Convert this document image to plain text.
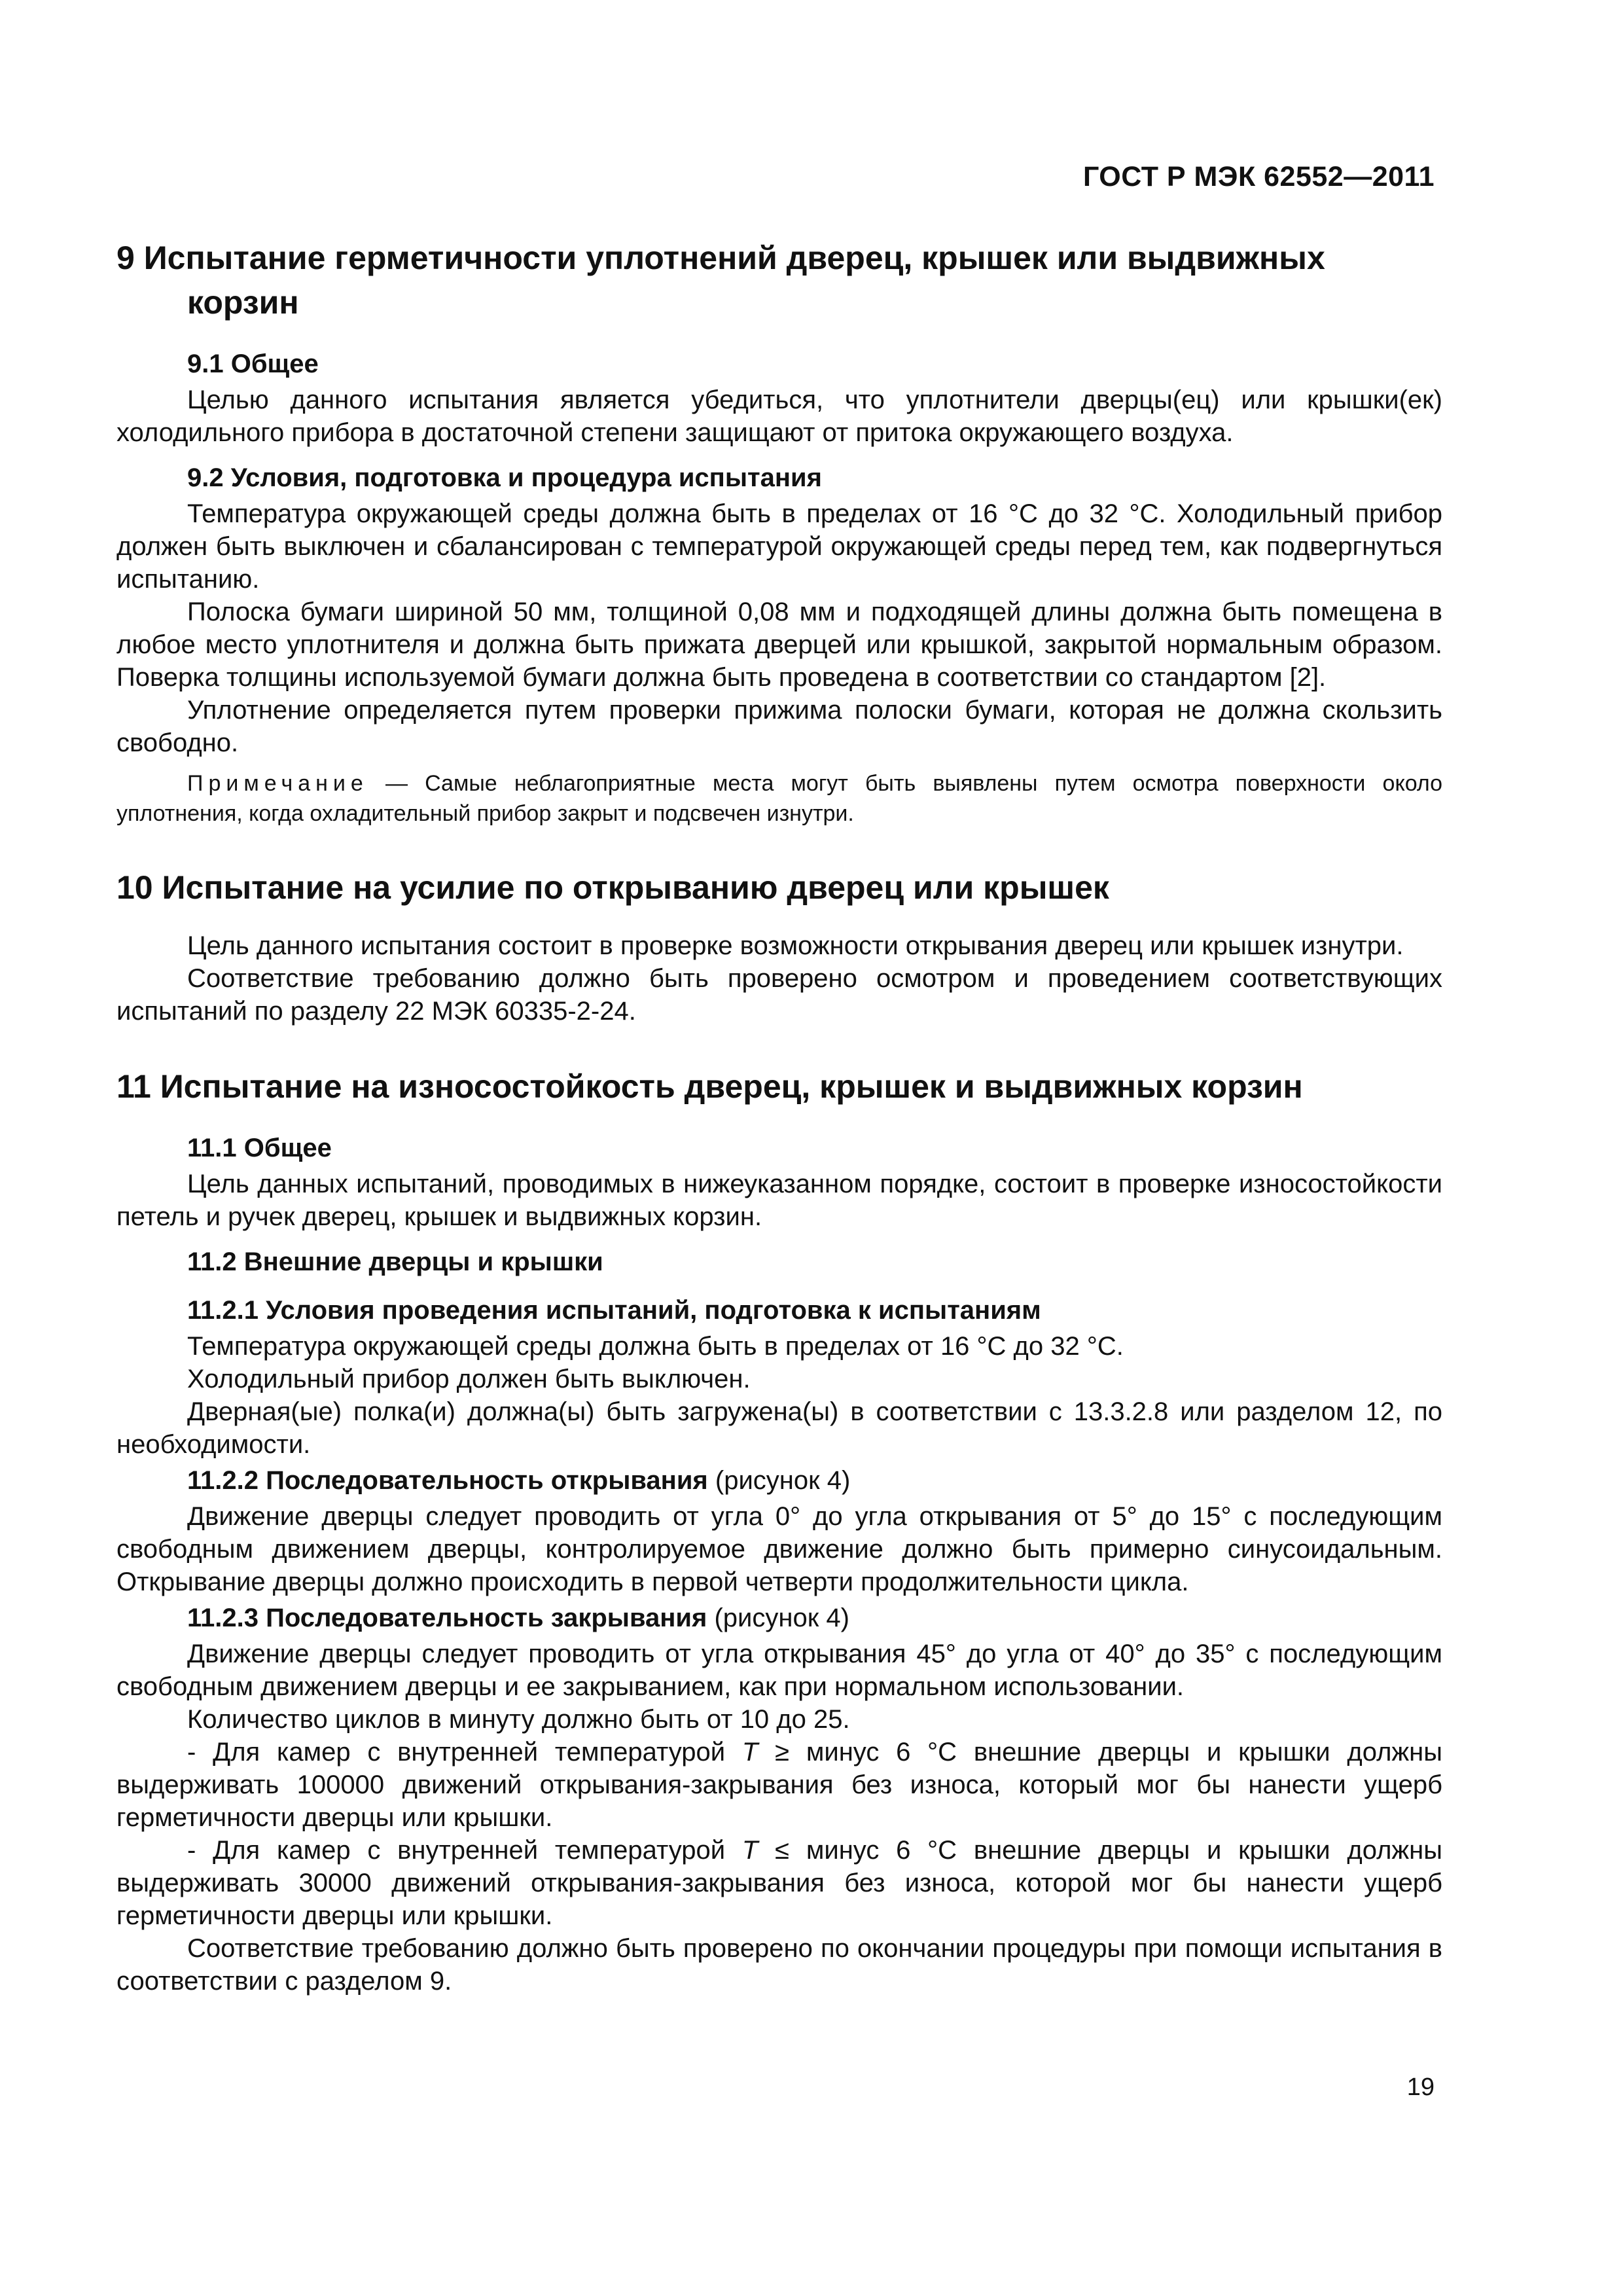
ГОСТ Р МЭК 62552—2011
9 Испытание герметичности уплотнений дверец, крышек или выдвижных
корзин
9.1 Общее

Целью данного испытания является убедиться, что уплотнители дверцы(ец) или крышки(ек) холодильного прибора в достаточной степени защищают от притока окружающего воздуха.

9.2 Условия, подготовка и процедура испытания

Температура окружающей среды должна быть в пределах от 16 °С до 32 °С. Холодильный прибор должен быть выключен и сбалансирован с температурой окружающей среды перед тем, как подвергнуться испытанию.

Полоска бумаги шириной 50 мм, толщиной 0,08 мм и подходящей длины должна быть помещена в любое место уплотнителя и должна быть прижата дверцей или крышкой, закрытой нормальным образом. Поверка толщины используемой бумаги должна быть проведена в соответствии со стандартом [2].

Уплотнение определяется путем проверки прижима полоски бумаги, которая не должна скользить свободно.

Примечание — Самые неблагоприятные места могут быть выявлены путем осмотра поверхности около уплотнения, когда охладительный прибор закрыт и подсвечен изнутри.

10 Испытание на усилие по открыванию дверец или крышек

Цель данного испытания состоит в проверке возможности открывания дверец или крышек изнутри.

Соответствие требованию должно быть проверено осмотром и проведением соответствующих испытаний по разделу 22 МЭК 60335-2-24.

11 Испытание на износостойкость дверец, крышек и выдвижных корзин
11.1 Общее

Цель данных испытаний, проводимых в нижеуказанном порядке, состоит в проверке износостойкости петель и ручек дверец, крышек и выдвижных корзин.

11.2 Внешние дверцы и крышки
11.2.1 Условия проведения испытаний, подготовка к испытаниям

Температура окружающей среды должна быть в пределах от 16 °С до 32 °С.

Холодильный прибор должен быть выключен.

Дверная(ые) полка(и) должна(ы) быть загружена(ы) в соответствии с 13.3.2.8 или разделом 12, по необходимости.

11.2.2 Последовательность открывания (рисунок 4)

Движение дверцы следует проводить от угла 0° до угла открывания от 5° до 15° с последующим свободным движением дверцы, контролируемое движение должно быть примерно синусоидальным. Открывание дверцы должно происходить в первой четверти продолжительности цикла.

11.2.3 Последовательность закрывания (рисунок 4)

Движение дверцы следует проводить от угла открывания 45° до угла от 40° до 35° с последующим свободным движением дверцы и ее закрыванием, как при нормальном использовании.

Количество циклов в минуту должно быть от 10 до 25.

- Для камер с внутренней температурой Т ≥ минус 6 °С внешние дверцы и крышки должны выдерживать 100000 движений открывания-закрывания без износа, который мог бы нанести ущерб герметичности дверцы или крышки.

- Для камер с внутренней температурой Т ≤ минус 6 °С внешние дверцы и крышки должны выдерживать 30000 движений открывания-закрывания без износа, которой мог бы нанести ущерб герметичности дверцы или крышки.

Соответствие требованию должно быть проверено по окончании процедуры при помощи испытания в соответствии с разделом 9.

19
